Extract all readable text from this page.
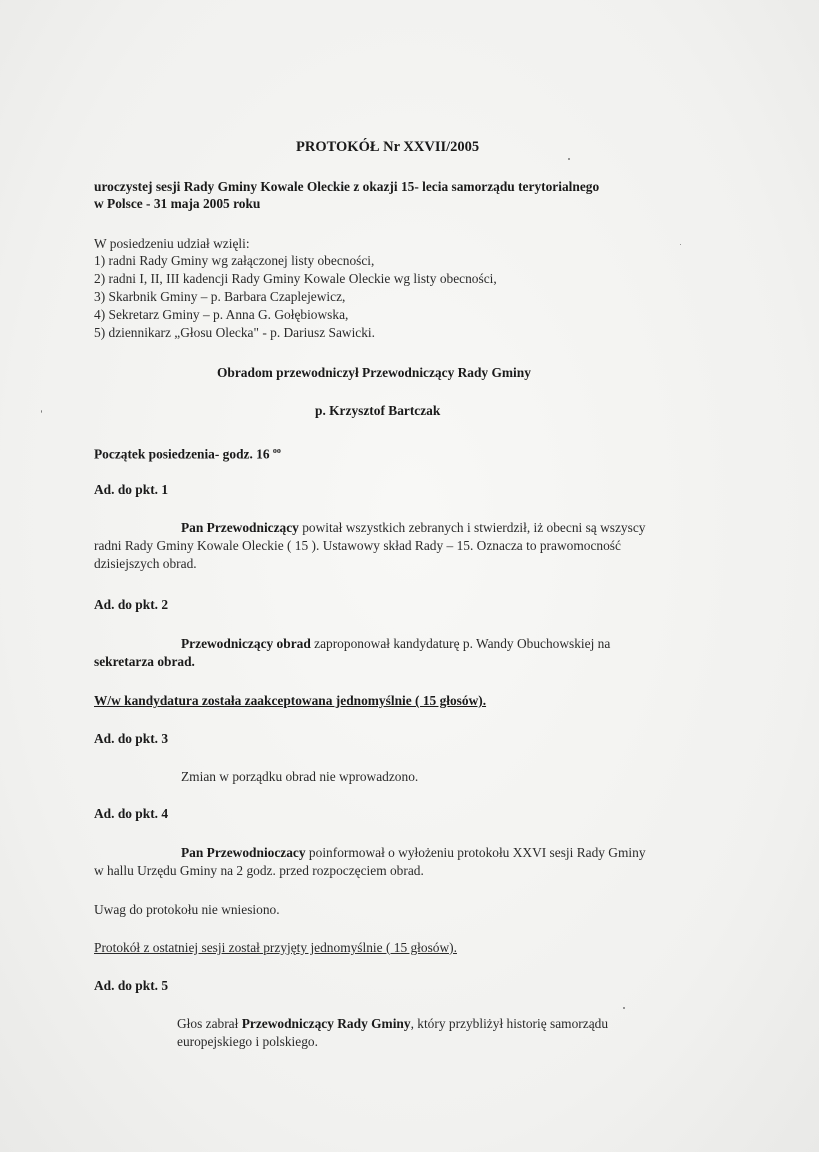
PROTOKÓŁ Nr XXVII/2005
uroczystej sesji Rady Gminy Kowale Oleckie z okazji 15- lecia samorządu terytorialnego
w Polsce - 31 maja 2005 roku
W posiedzeniu udział wzięli:
1) radni Rady Gminy wg załączonej listy obecności,
2) radni I, II, III kadencji Rady Gminy Kowale Oleckie wg listy obecności,
3) Skarbnik Gminy – p. Barbara Czaplejewicz,
4) Sekretarz Gminy – p. Anna G. Gołębiowska,
5) dziennikarz „Głosu Olecka" - p. Dariusz Sawicki.
Obradom przewodniczył Przewodniczący Rady Gminy
p. Krzysztof Bartczak
Początek posiedzenia- godz. 16 $^{oo}$
Ad. do pkt. 1
Pan Przewodniczący powitał wszystkich zebranych i stwierdził, iż obecni są wszyscy
radni Rady Gminy Kowale Oleckie ( 15 ). Ustawowy skład Rady – 15. Oznacza to prawomocność
dzisiejszych obrad.
Ad. do pkt. 2
Przewodniczący obrad zaproponował kandydaturę p. Wandy Obuchowskiej na
sekretarza obrad.
W/w kandydatura została zaakceptowana jednomyślnie ( 15 głosów).
Ad. do pkt. 3
Zmian w porządku obrad nie wprowadzono.
Ad. do pkt. 4
Pan Przewodnioczacy poinformował o wyłożeniu protokołu XXVI sesji Rady Gminy
w hallu Urzędu Gminy na 2 godz. przed rozpoczęciem obrad.
Uwag do protokołu nie wniesiono.
Protokół z ostatniej sesji został przyjęty jednomyślnie ( 15 głosów).
Ad. do pkt. 5
Głos zabrał Przewodniczący Rady Gminy, który przybliżył historię samorządu
europejskiego i polskiego.
